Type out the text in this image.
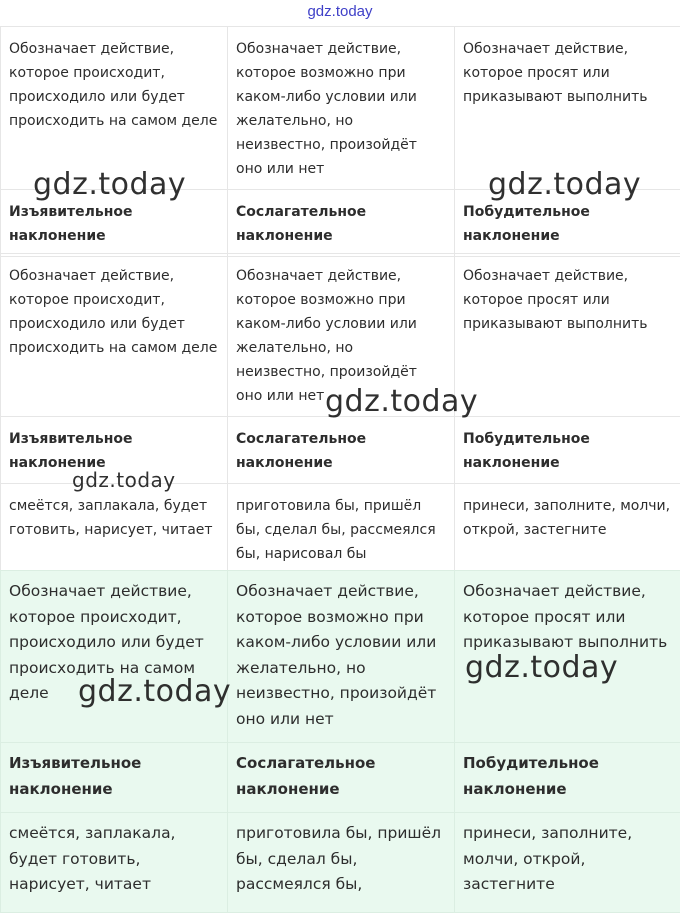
gdz.today
Обозначает действие, которое происходит, происходило или будет происходить на самом деле	Обозначает действие, которое возможно при каком-либо условии или желательно, но неизвестно, произойдёт оно или нет	Обозначает действие, которое просят или приказывают выполнить
Изъявительное наклонение	Сослагательное наклонение	Побудительное наклонение
Обозначает действие, которое происходит, происходило или будет происходить на самом деле	Обозначает действие, которое возможно при каком-либо условии или желательно, но неизвестно, произойдёт оно или нет	Обозначает действие, которое просят или приказывают выполнить
Изъявительное наклонение	Сослагательное наклонение	Побудительное наклонение
смеётся, заплакала, будет готовить, нарисует, читает	приготовила бы, пришёл бы, сделал бы, рассмеялся бы, нарисовал бы	принеси, заполните, молчи, открой, застегните
Обозначает действие, которое происходит, происходило или будет происходить на самом деле	Обозначает действие, которое возможно при каком-либо условии или желательно, но неизвестно, произойдёт оно или нет	Обозначает действие, которое просят или приказывают выполнить
Изъявительное наклонение	Сослагательное наклонение	Побудительное наклонение
смеётся, заплакала, будет готовить, нарисует, читает	приготовила бы, пришёл бы, сделал бы, рассмеялся бы,	принеси, заполните, молчи, открой, застегните
gdz.today	gdz.today
gdz.today
gdz.today
gdz.today
gdz.today
